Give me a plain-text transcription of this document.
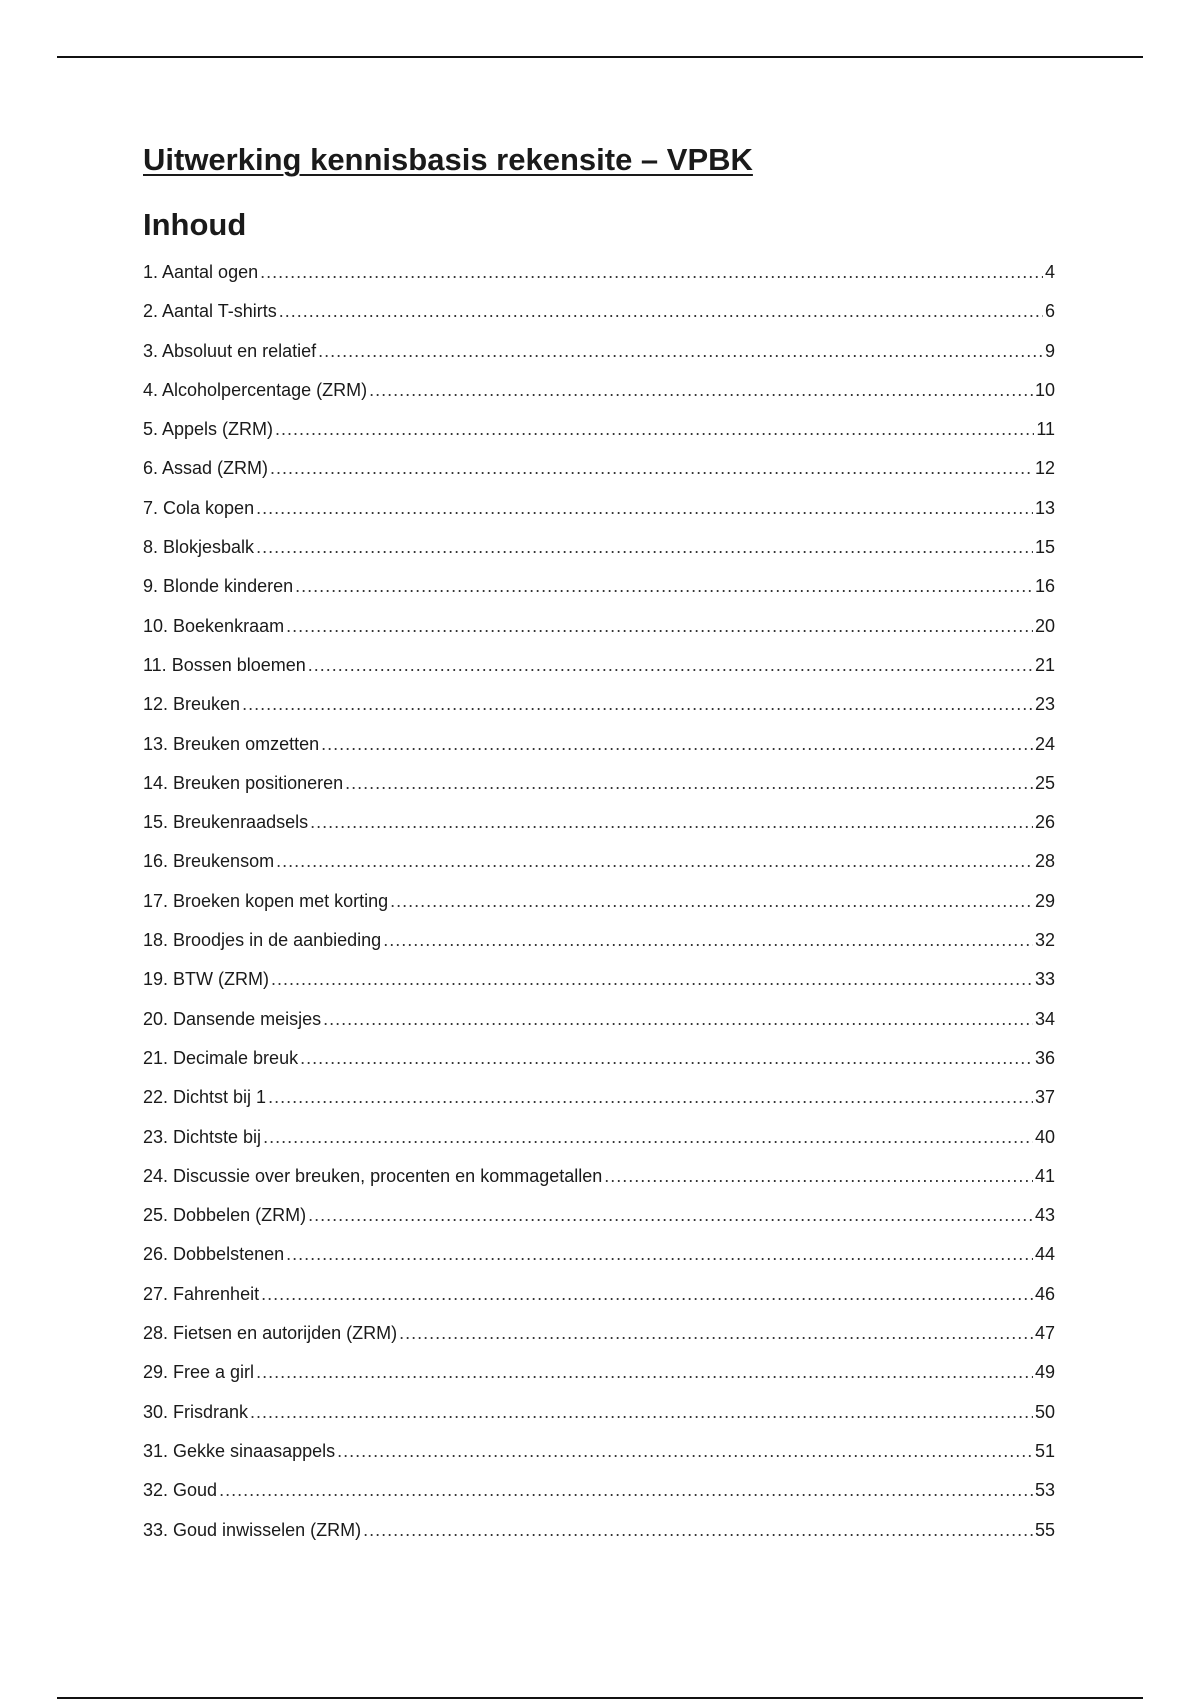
Uitwerking kennisbasis rekensite – VPBK
Inhoud
1. Aantal ogen .....	4
2. Aantal T-shirts .....	6
3. Absoluut en relatief .....	9
4. Alcoholpercentage (ZRM) .....	10
5. Appels (ZRM) .....	11
6. Assad (ZRM) .....	12
7. Cola kopen .....	13
8. Blokjesbalk .....	15
9. Blonde kinderen .....	16
10. Boekenkraam .....	20
11. Bossen bloemen .....	21
12. Breuken .....	23
13. Breuken omzetten .....	24
14. Breuken positioneren .....	25
15. Breukenraadsels .....	26
16. Breukensom .....	28
17. Broeken kopen met korting .....	29
18. Broodjes in de aanbieding .....	32
19. BTW (ZRM) .....	33
20. Dansende meisjes .....	34
21. Decimale breuk .....	36
22. Dichtst bij 1 .....	37
23. Dichtste bij .....	40
24. Discussie over breuken, procenten en kommagetallen .....	41
25. Dobbelen (ZRM) .....	43
26. Dobbelstenen .....	44
27. Fahrenheit .....	46
28. Fietsen en autorijden (ZRM) .....	47
29. Free a girl .....	49
30. Frisdrank .....	50
31. Gekke sinaasappels .....	51
32. Goud .....	53
33. Goud inwisselen (ZRM) .....	55
